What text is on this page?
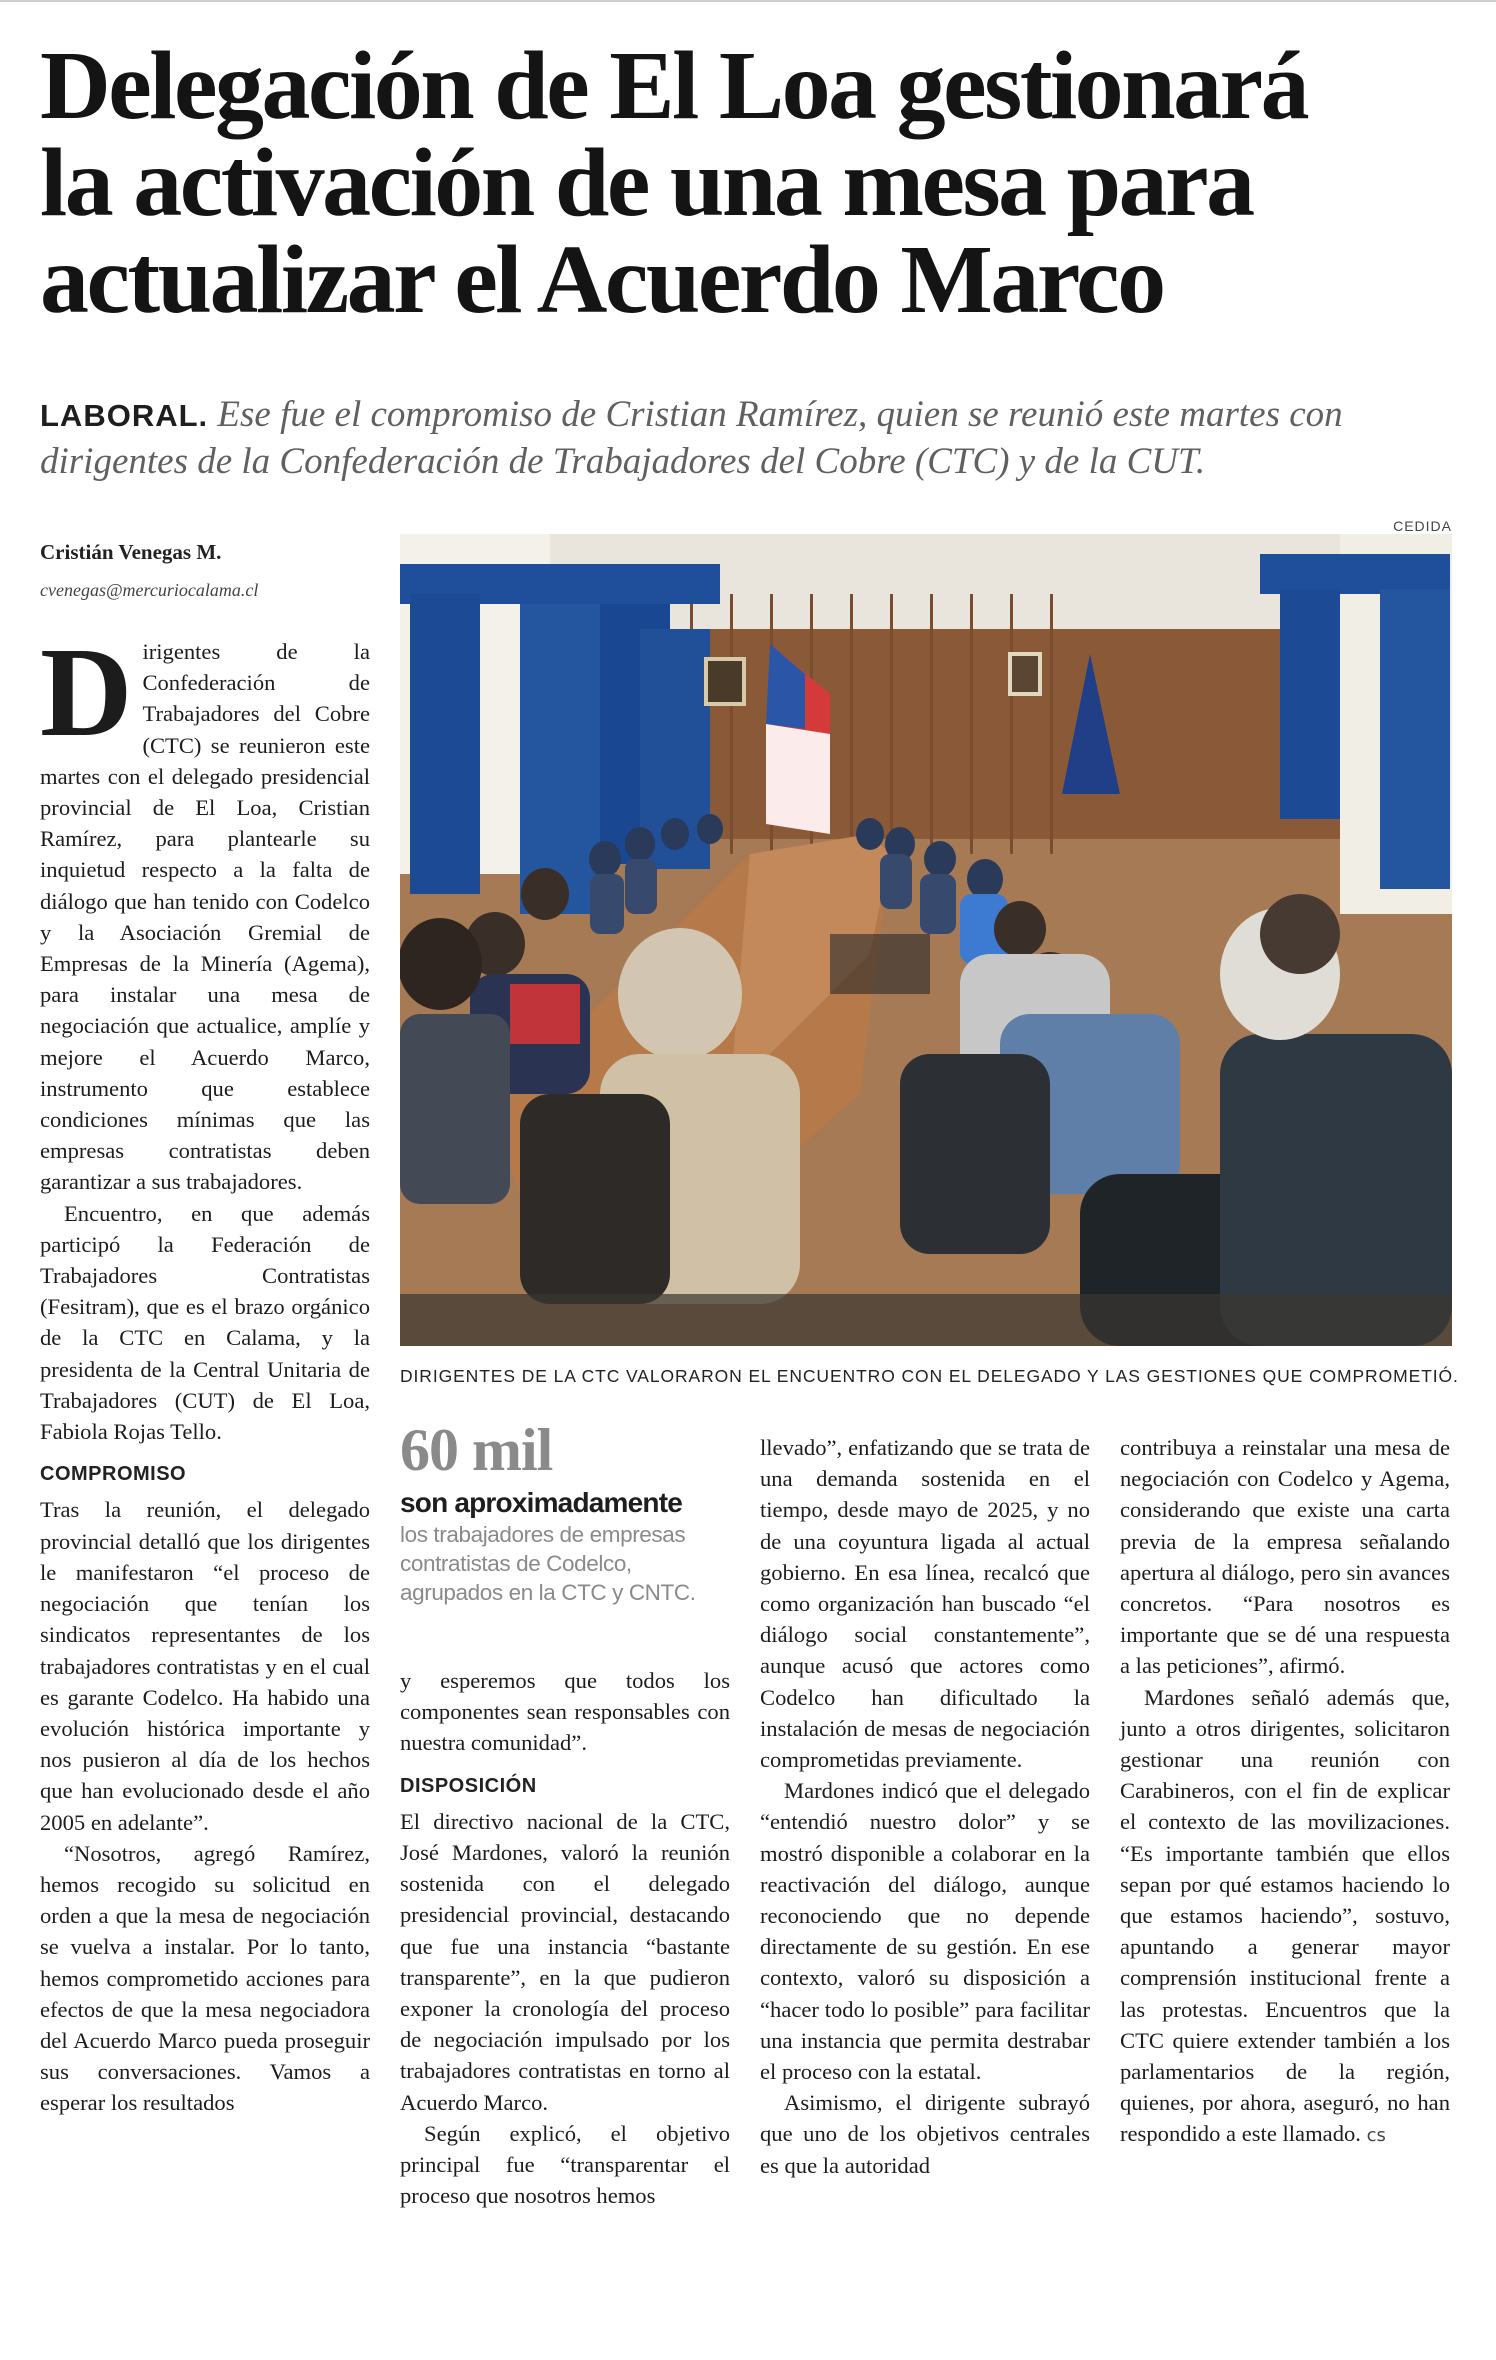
Delegación de El Loa gestionará
la activación de una mesa para
actualizar el Acuerdo Marco
LABORAL. Ese fue el compromiso de Cristian Ramírez, quien se reunió este martes con dirigentes de la Confederación de Trabajadores del Cobre (CTC) y de la CUT.
CEDIDA
DIRIGENTES DE LA CTC VALORARON EL ENCUENTRO CON EL DELEGADO Y LAS GESTIONES QUE COMPROMETIÓ.
Cristián Venegas M.
cvenegas@mercuriocalama.cl

Dirigentes de la Confederación de Trabajadores del Cobre (CTC) se reunieron este martes con el delegado presidencial provincial de El Loa, Cristian Ramírez, para plantearle su inquietud respecto a la falta de diálogo que han tenido con Codelco y la Asociación Gremial de Empresas de la Minería (Agema), para instalar una mesa de negociación que actualice, amplíe y mejore el Acuerdo Marco, instrumento que establece condiciones mínimas que las empresas contratistas deben garantizar a sus trabajadores.

Encuentro, en que además participó la Federación de Trabajadores Contratistas (Fesitram), que es el brazo orgánico de la CTC en Calama, y la presidenta de la Central Unitaria de Trabajadores (CUT) de El Loa, Fabiola Rojas Tello.

COMPROMISO

Tras la reunión, el delegado provincial detalló que los dirigentes le manifestaron “el proceso de negociación que tenían los sindicatos representantes de los trabajadores contratistas y en el cual es garante Codelco. Ha habido una evolución histórica importante y nos pusieron al día de los hechos que han evolucionado desde el año 2005 en adelante”.

“Nosotros, agregó Ramírez, hemos recogido su solicitud en orden a que la mesa de negociación se vuelva a instalar. Por lo tanto, hemos comprometido acciones para efectos de que la mesa negociadora del Acuerdo Marco pueda proseguir sus conversaciones. Vamos a esperar los resultados

60 mil
son aproximadamente
los trabajadores de empresas contratistas de Codelco, agrupados en la CTC y CNTC.

y esperemos que todos los componentes sean responsables con nuestra comunidad”.

DISPOSICIÓN

El directivo nacional de la CTC, José Mardones, valoró la reunión sostenida con el delegado presidencial provincial, destacando que fue una instancia “bastante transparente”, en la que pudieron exponer la cronología del proceso de negociación impulsado por los trabajadores contratistas en torno al Acuerdo Marco.

Según explicó, el objetivo principal fue “transparentar el proceso que nosotros hemos

llevado”, enfatizando que se trata de una demanda sostenida en el tiempo, desde mayo de 2025, y no de una coyuntura ligada al actual gobierno. En esa línea, recalcó que como organización han buscado “el diálogo social constantemente”, aunque acusó que actores como Codelco han dificultado la instalación de mesas de negociación comprometidas previamente.

Mardones indicó que el delegado “entendió nuestro dolor” y se mostró disponible a colaborar en la reactivación del diálogo, aunque reconociendo que no depende directamente de su gestión. En ese contexto, valoró su disposición a “hacer todo lo posible” para facilitar una instancia que permita destrabar el proceso con la estatal.

Asimismo, el dirigente subrayó que uno de los objetivos centrales es que la autoridad

contribuya a reinstalar una mesa de negociación con Codelco y Agema, considerando que existe una carta previa de la empresa señalando apertura al diálogo, pero sin avances concretos. “Para nosotros es importante que se dé una respuesta a las peticiones”, afirmó.

Mardones señaló además que, junto a otros dirigentes, solicitaron gestionar una reunión con Carabineros, con el fin de explicar el contexto de las movilizaciones. “Es importante también que ellos sepan por qué estamos haciendo lo que estamos haciendo”, sostuvo, apuntando a generar mayor comprensión institucional frente a las protestas. Encuentros que la CTC quiere extender también a los parlamentarios de la región, quienes, por ahora, aseguró, no han respondido a este llamado. cs
